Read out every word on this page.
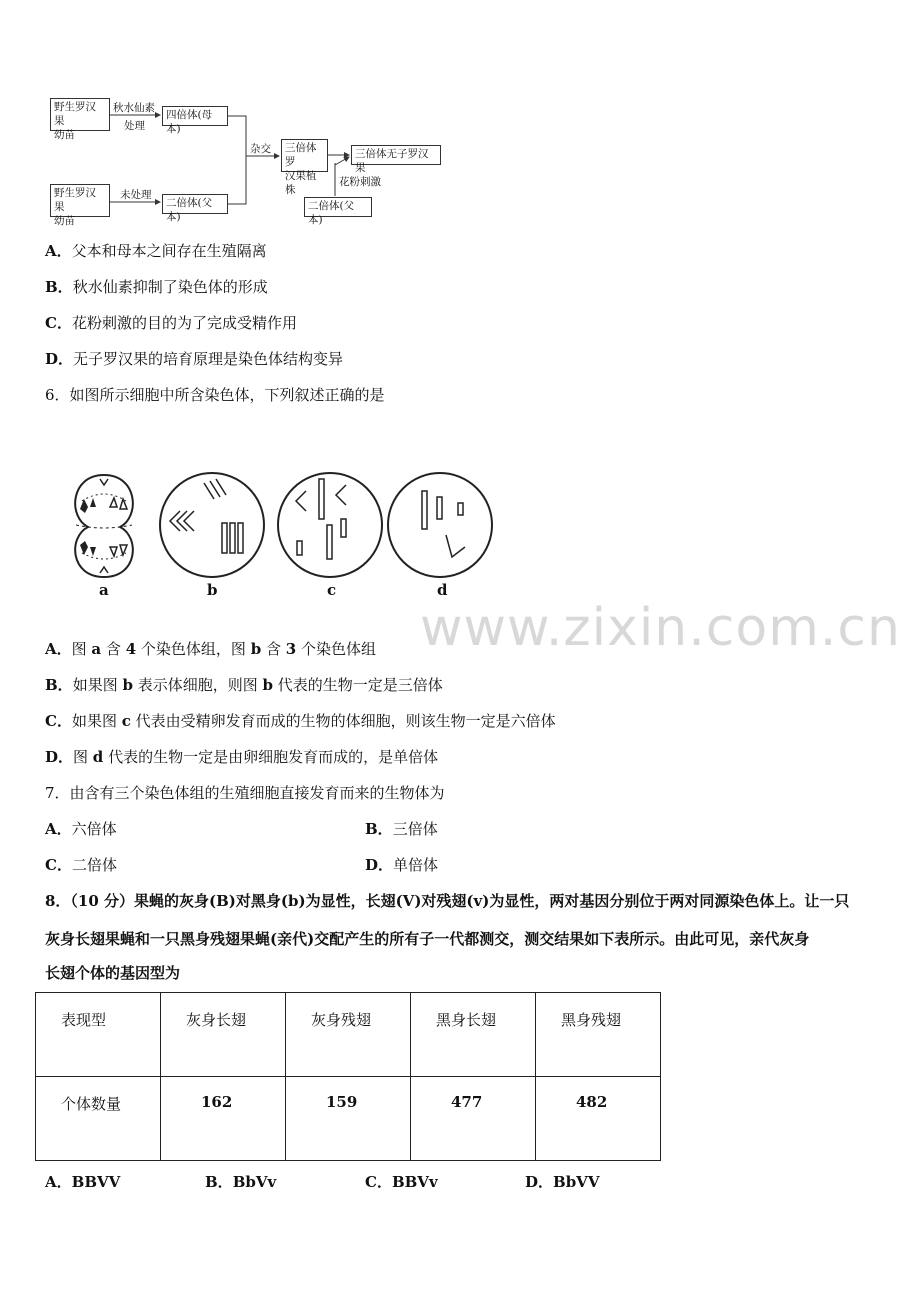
野生罗汉果
幼苗
秋水仙素
处理
四倍体(母本)
野生罗汉果
幼苗
未处理
二倍体(父本)
杂交 三倍体罗
汉果植株
三倍体无子罗汉果
花粉刺激
二倍体(父本)
A．父本和母本之间存在生殖隔离
B．秋水仙素抑制了染色体的形成
C．花粉刺激的目的为了完成受精作用
D．无子罗汉果的培育原理是染色体结构变异
6．如图所示细胞中所含染色体，下列叙述正确的是
a	b	c	d
www.zixin.com.cn
A．图 a 含 4 个染色体组，图 b 含 3 个染色体组
B．如果图 b 表示体细胞，则图 b 代表的生物一定是三倍体
C．如果图 c 代表由受精卵发育而成的生物的体细胞，则该生物一定是六倍体
D．图 d 代表的生物一定是由卵细胞发育而成的，是单倍体
7．由含有三个染色体组的生殖细胞直接发育而来的生物体为
A．六倍体	B．三倍体
C．二倍体	D．单倍体
8．（10 分）果蝇的灰身(B)对黑身(b)为显性，长翅(V)对残翅(v)为显性，两对基因分别位于两对同源染色体上。让一只
灰身长翅果蝇和一只黑身残翅果蝇(亲代)交配产生的所有子一代都测交，测交结果如下表所示。由此可见，亲代灰身
长翅个体的基因型为
表现型	灰身长翅	灰身残翅	黑身长翅	黑身残翅

个体数量	162	159	477	482
A．BBVV	B．BbVv	C．BBVv	D．BbVV
